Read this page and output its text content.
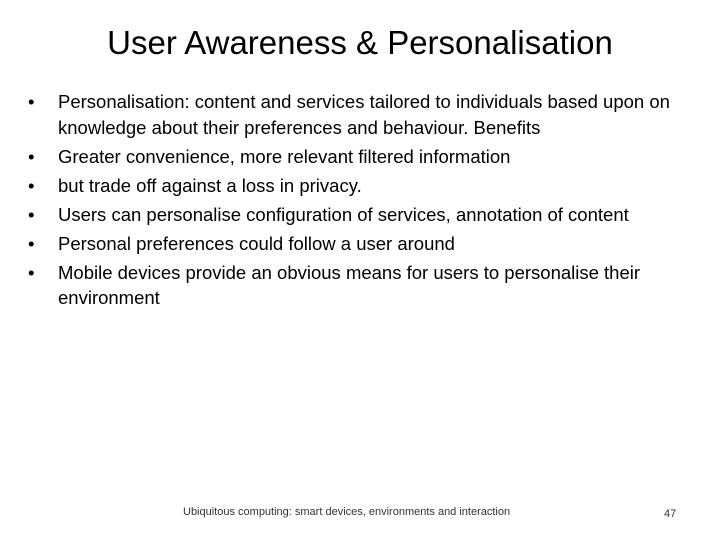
User Awareness & Personalisation
•	Personalisation: content and services tailored to individuals based upon on knowledge about their preferences and behaviour. Benefits
•	Greater convenience, more relevant filtered information
•	but trade off against a loss in privacy.
•	Users can personalise configuration of services, annotation of content
•	Personal preferences could follow a user around
•	Mobile devices provide an obvious means for users to personalise their environment
Ubiquitous computing: smart devices, environments and interaction	47
